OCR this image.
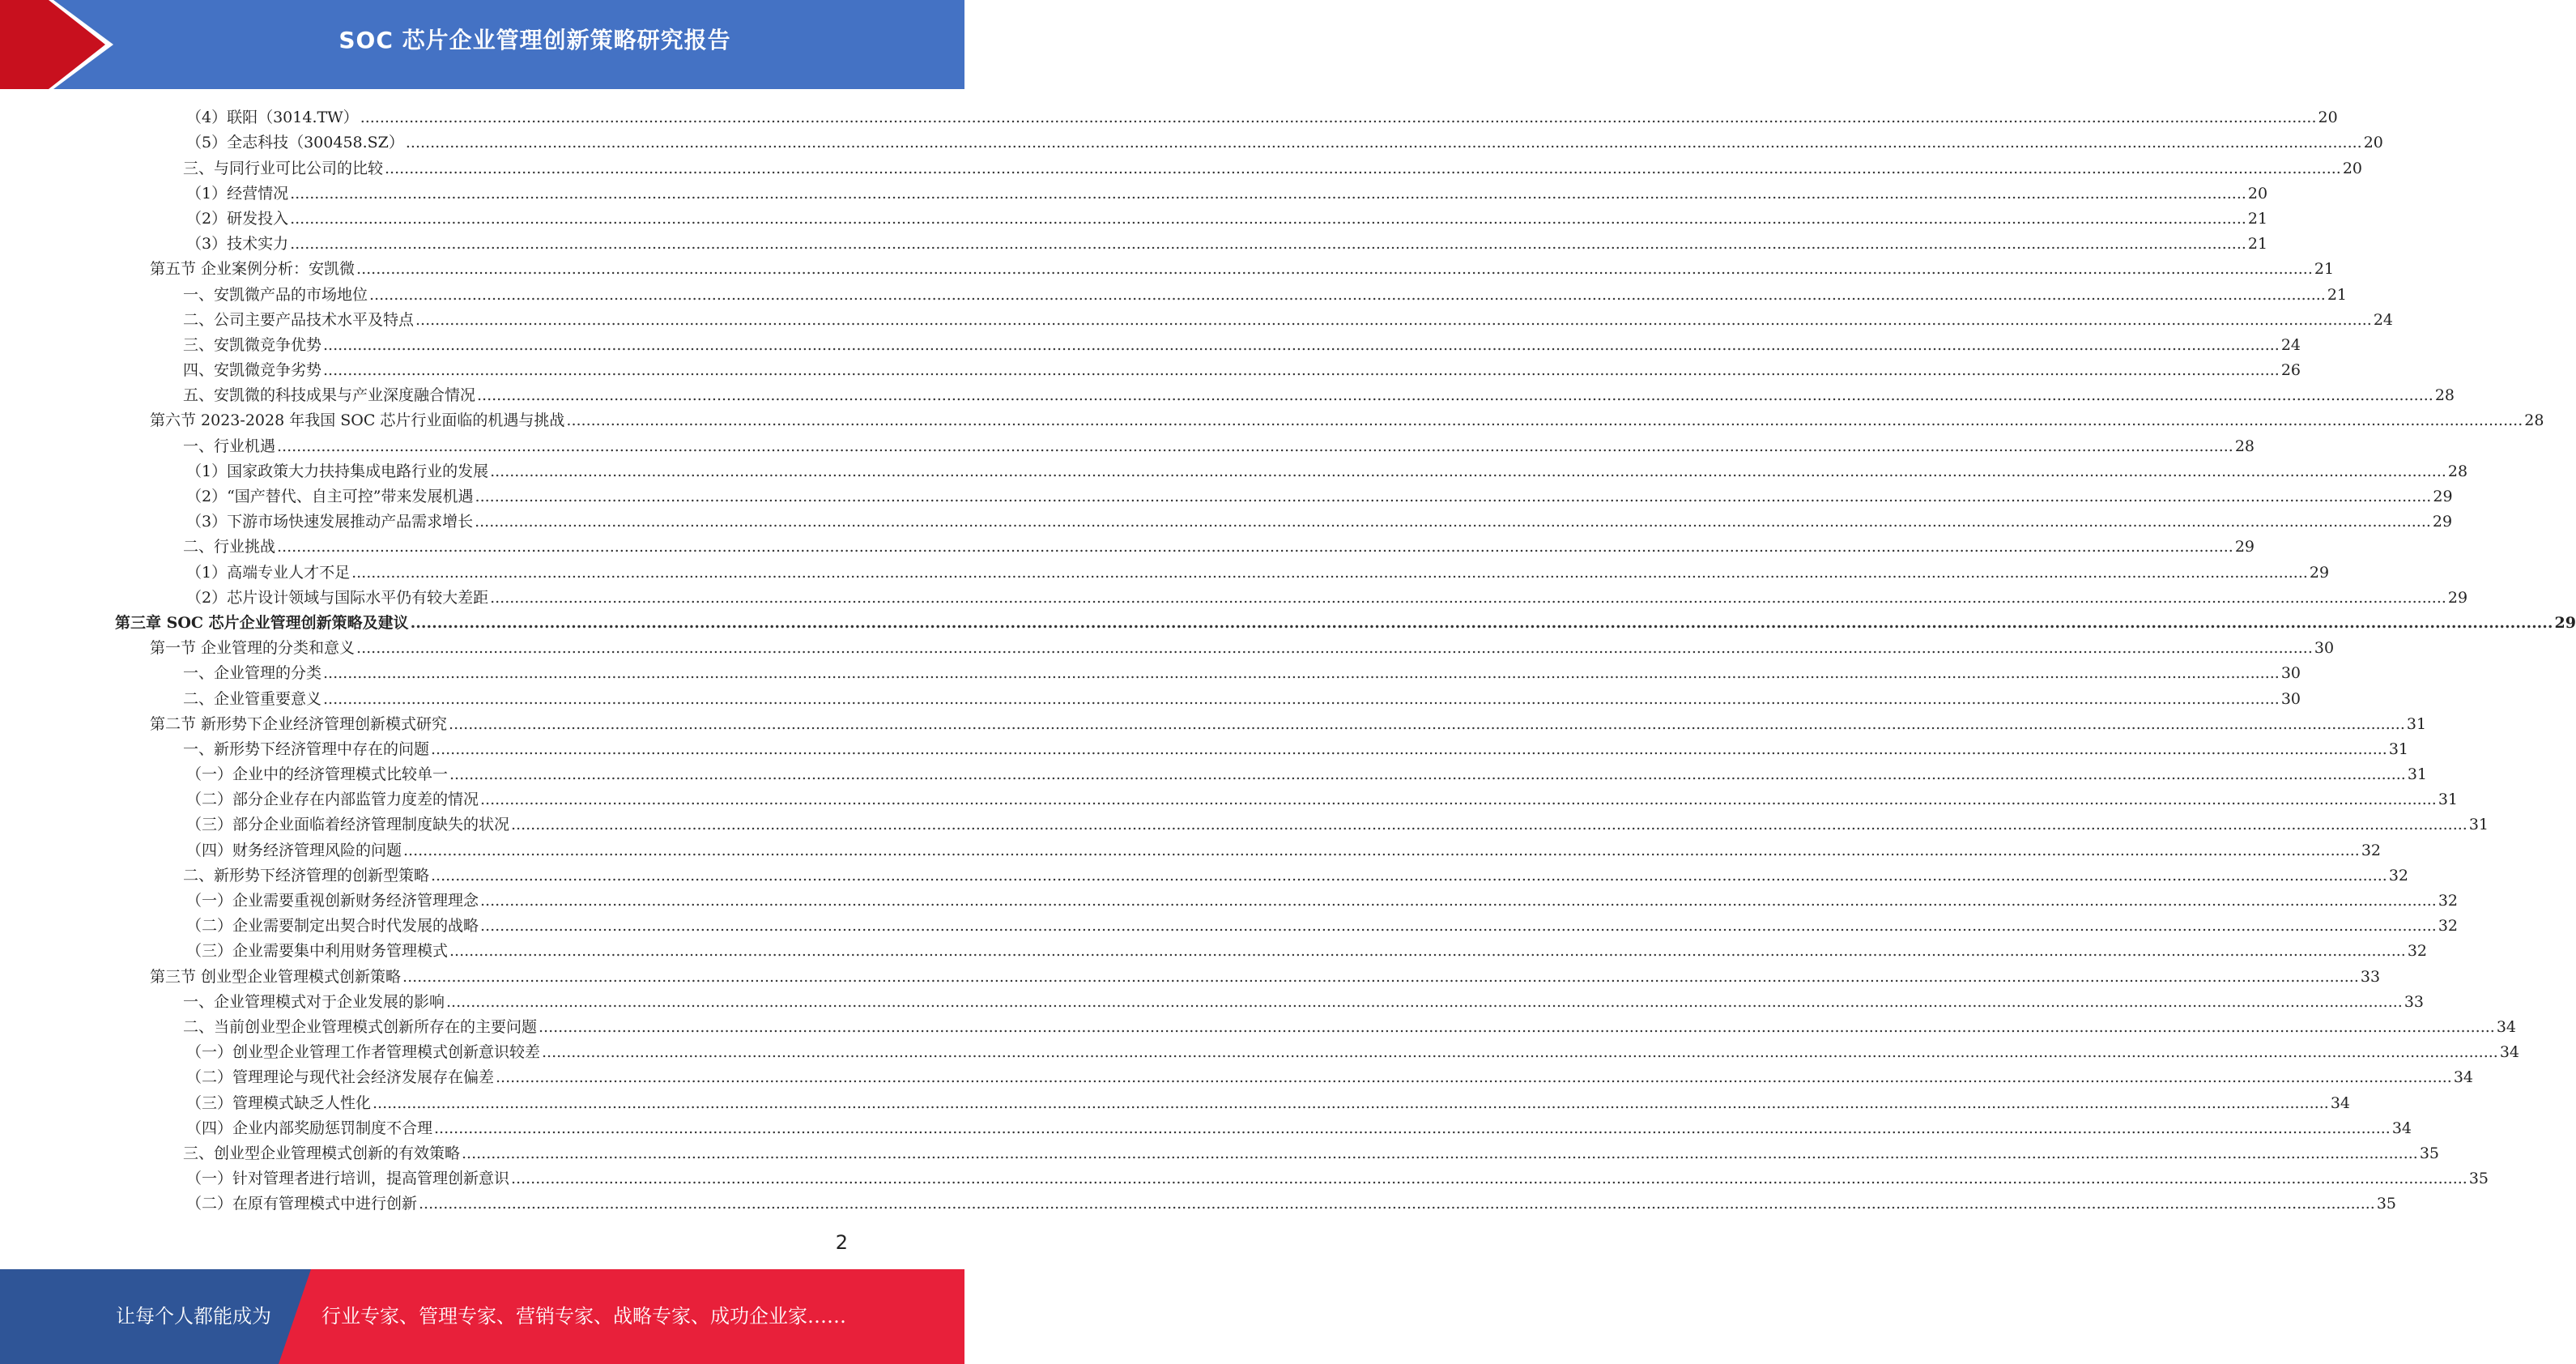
SOC 芯片企业管理创新策略研究报告
（4）联阳（3014.TW） ................................................................................................................................................................................................................................................................................................................................................................................................................ 20
（5）全志科技（300458.SZ） ................................................................................................................................................................................................................................................................................................................................................................................................................ 20
三、与同行业可比公司的比较 ................................................................................................................................................................................................................................................................................................................................................................................................................ 20
（1）经营情况 ................................................................................................................................................................................................................................................................................................................................................................................................................ 20
（2）研发投入 ................................................................................................................................................................................................................................................................................................................................................................................................................ 21
（3）技术实力 ................................................................................................................................................................................................................................................................................................................................................................................................................ 21
第五节 企业案例分析：安凯微 ................................................................................................................................................................................................................................................................................................................................................................................................................ 21
一、安凯微产品的市场地位 ................................................................................................................................................................................................................................................................................................................................................................................................................ 21
二、公司主要产品技术水平及特点 ................................................................................................................................................................................................................................................................................................................................................................................................................ 24
三、安凯微竞争优势 ................................................................................................................................................................................................................................................................................................................................................................................................................ 24
四、安凯微竞争劣势 ................................................................................................................................................................................................................................................................................................................................................................................................................ 26
五、安凯微的科技成果与产业深度融合情况 ................................................................................................................................................................................................................................................................................................................................................................................................................ 28
第六节 2023-2028 年我国 SOC 芯片行业面临的机遇与挑战 ................................................................................................................................................................................................................................................................................................................................................................................................................ 28
一、行业机遇 ................................................................................................................................................................................................................................................................................................................................................................................................................ 28
（1）国家政策大力扶持集成电路行业的发展 ................................................................................................................................................................................................................................................................................................................................................................................................................ 28
（2）“国产替代、自主可控”带来发展机遇 ................................................................................................................................................................................................................................................................................................................................................................................................................ 29
（3）下游市场快速发展推动产品需求增长 ................................................................................................................................................................................................................................................................................................................................................................................................................ 29
二、行业挑战 ................................................................................................................................................................................................................................................................................................................................................................................................................ 29
（1）高端专业人才不足 ................................................................................................................................................................................................................................................................................................................................................................................................................ 29
（2）芯片设计领域与国际水平仍有较大差距 ................................................................................................................................................................................................................................................................................................................................................................................................................ 29
第三章 SOC 芯片企业管理创新策略及建议 ................................................................................................................................................................................................................................................................................................................................................................................................................ 29
第一节 企业管理的分类和意义 ................................................................................................................................................................................................................................................................................................................................................................................................................ 30
一、企业管理的分类 ................................................................................................................................................................................................................................................................................................................................................................................................................ 30
二、企业管重要意义 ................................................................................................................................................................................................................................................................................................................................................................................................................ 30
第二节 新形势下企业经济管理创新模式研究 ................................................................................................................................................................................................................................................................................................................................................................................................................ 31
一、新形势下经济管理中存在的问题 ................................................................................................................................................................................................................................................................................................................................................................................................................ 31
（一）企业中的经济管理模式比较单一 ................................................................................................................................................................................................................................................................................................................................................................................................................ 31
（二）部分企业存在内部监管力度差的情况 ................................................................................................................................................................................................................................................................................................................................................................................................................ 31
（三）部分企业面临着经济管理制度缺失的状况 ................................................................................................................................................................................................................................................................................................................................................................................................................ 31
（四）财务经济管理风险的问题 ................................................................................................................................................................................................................................................................................................................................................................................................................ 32
二、新形势下经济管理的创新型策略 ................................................................................................................................................................................................................................................................................................................................................................................................................ 32
（一）企业需要重视创新财务经济管理理念 ................................................................................................................................................................................................................................................................................................................................................................................................................ 32
（二）企业需要制定出契合时代发展的战略 ................................................................................................................................................................................................................................................................................................................................................................................................................ 32
（三）企业需要集中利用财务管理模式 ................................................................................................................................................................................................................................................................................................................................................................................................................ 32
第三节 创业型企业管理模式创新策略 ................................................................................................................................................................................................................................................................................................................................................................................................................ 33
一、企业管理模式对于企业发展的影响 ................................................................................................................................................................................................................................................................................................................................................................................................................ 33
二、当前创业型企业管理模式创新所存在的主要问题 ................................................................................................................................................................................................................................................................................................................................................................................................................ 34
（一）创业型企业管理工作者管理模式创新意识较差 ................................................................................................................................................................................................................................................................................................................................................................................................................ 34
（二）管理理论与现代社会经济发展存在偏差 ................................................................................................................................................................................................................................................................................................................................................................................................................ 34
（三）管理模式缺乏人性化 ................................................................................................................................................................................................................................................................................................................................................................................................................ 34
（四）企业内部奖励惩罚制度不合理 ................................................................................................................................................................................................................................................................................................................................................................................................................ 34
三、创业型企业管理模式创新的有效策略 ................................................................................................................................................................................................................................................................................................................................................................................................................ 35
（一）针对管理者进行培训，提高管理创新意识 ................................................................................................................................................................................................................................................................................................................................................................................................................ 35
（二）在原有管理模式中进行创新 ................................................................................................................................................................................................................................................................................................................................................................................................................ 35
2
让每个人都能成为	行业专家、管理专家、营销专家、战略专家、成功企业家……
